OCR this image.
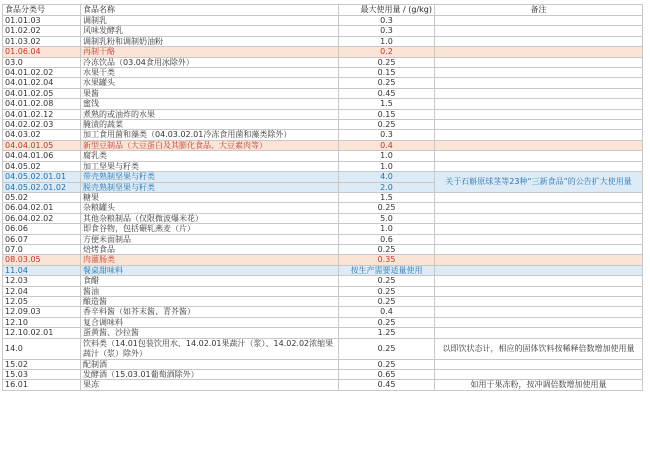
食品分类号	食品名称	最大使用量 / (g/kg)	备注
01.01.03	调制乳	0.3	
01.02.02	风味发酵乳	0.3	
01.03.02	调制乳粉和调制奶油粉	1.0	
01.06.04	再制干酪	0.2	
03.0	冷冻饮品（03.04食用冰除外）	0.25	
04.01.02.02	水果干类	0.15	
04.01.02.04	水果罐头	0.25	
04.01.02.05	果酱	0.45	
04.01.02.08	蜜饯	1.5	
04.01.02.12	煮熟的或油炸的水果	0.15	
04.02.02.03	腌渍的蔬菜	0.25	
04.03.02	加工食用菌和藻类（04.03.02.01冷冻食用菌和藻类除外）	0.3	
04.04.01.05	新型豆制品（大豆蛋白及其膨化食品、大豆素肉等）	0.4	
04.04.01.06	腐乳类	1.0	
04.05.02	加工坚果与籽类	1.0	
04.05.02.01.01	带壳熟制坚果与籽类	4.0	关于石斛原球茎等23种“三新食品”的公告扩大使用量
04.05.02.01.02	脱壳熟制坚果与籽类	2.0	
05.02	糖果	1.5	
06.04.02.01	杂粮罐头	0.25	
06.04.02.02	其他杂粮制品（仅限微波爆米花）	5.0	
06.06	即食谷物，包括碾轧燕麦（片）	1.0	
06.07	方便米面制品	0.6	
07.0	焙烤食品	0.25	
08.03.05	肉灌肠类	0.35	
11.04	餐桌甜味料	按生产需要适量使用	
12.03	食醋	0.25	
12.04	酱油	0.25	
12.05	酿造酱	0.25	
12.09.03	香辛料酱（如芥末酱、青芥酱）	0.4	
12.10	复合调味料	0.25	
12.10.02.01	蛋黄酱、沙拉酱	1.25	
14.0	饮料类（14.01包装饮用水、14.02.01果蔬汁（浆）、14.02.02浓缩果蔬汁（浆）除外）	0.25	以即饮状态计，相应的固体饮料按稀释倍数增加使用量
15.02	配制酒	0.25	
15.03	发酵酒（15.03.01葡萄酒除外）	0.65	
16.01	果冻	0.45	如用于果冻粉，按冲调倍数增加使用量
